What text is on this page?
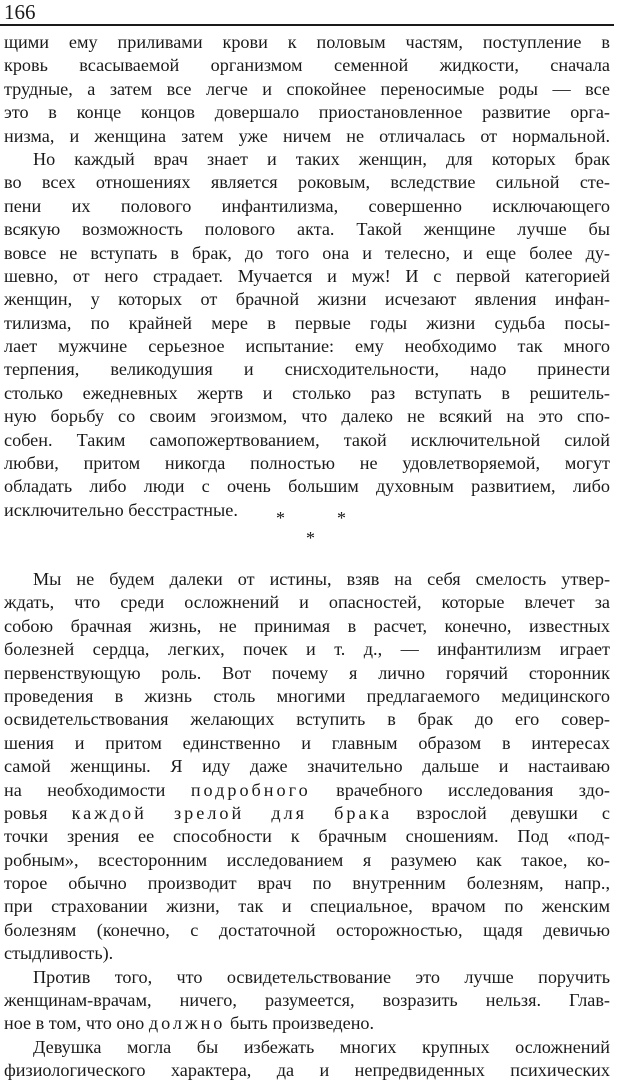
166
щими ему приливами крови к половым частям, поступление в
кровь всасываемой организмом семенной жидкости, сначала
трудные, а затем все легче и спокойнее переносимые роды — все
это в конце концов довершало приостановленное развитие орга-
низма, и женщина затем уже ничем не отличалась от нормальной.
Но каждый врач знает и таких женщин, для которых брак
во всех отношениях является роковым, вследствие сильной сте-
пени их полового инфантилизма, совершенно исключающего
всякую возможность полового акта. Такой женщине лучше бы
вовсе не вступать в брак, до того она и телесно, и еще более ду-
шевно, от него страдает. Мучается и муж! И с первой категорией
женщин, у которых от брачной жизни исчезают явления инфан-
тилизма, по крайней мере в первые годы жизни судьба посы-
лает мужчине серьезное испытание: ему необходимо так много
терпения, великодушия и снисходительности, надо принести
столько ежедневных жертв и столько раз вступать в решитель-
ную борьбу со своим эгоизмом, что далеко не всякий на это спо-
собен. Таким самопожертвованием, такой исключительной силой
любви, притом никогда полностью не удовлетворяемой, могут
обладать либо люди с очень большим духовным развитием, либо
исключительно бесстрастные.	*	*
*
Мы не будем далеки от истины, взяв на себя смелость утвер-
ждать, что среди осложнений и опасностей, которые влечет за
собою брачная жизнь, не принимая в расчет, конечно, известных
болезней сердца, легких, почек и т. д., — инфантилизм играет
первенствующую роль. Вот почему я лично горячий сторонник
проведения в жизнь столь многими предлагаемого медицинского
освидетельствования желающих вступить в брак до его совер-
шения и притом единственно и главным образом в интересах
самой женщины. Я иду даже значительно дальше и настаиваю
на необходимости подробного врачебного исследования здо-
ровья каждой зрелой для брака взрослой девушки с
точки зрения ее способности к брачным сношениям. Под «под-
робным», всесторонним исследованием я разумею как такое, ко-
торое обычно производит врач по внутренним болезням, напр.,
при страховании жизни, так и специальное, врачом по женским
болезням (конечно, с достаточной осторожностью, щадя девичью
стыдливость).
Против того, что освидетельствование это лучше поручить
женщинам-врачам, ничего, разумеется, возразить нельзя. Глав-
ное в том, что оно должно быть произведено.
Девушка могла бы избежать многих крупных осложнений
физиологического характера, да и непредвиденных психических
